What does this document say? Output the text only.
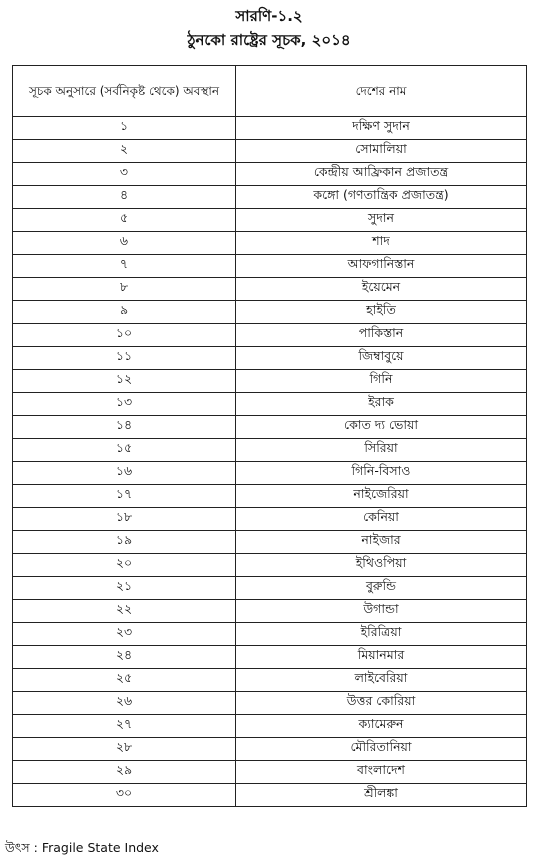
সারণি-১.২
ঠুনকো রাষ্ট্রের সূচক, ২০১৪
সূচক অনুসারে (সর্বনিকৃষ্ট থেকে) অবস্থান	দেশের নাম
১	দক্ষিণ সুদান
২	সোমালিয়া
৩	কেন্দ্রীয় আফ্রিকান প্রজাতন্ত্র
৪	কঙ্গো (গণতান্ত্রিক প্রজাতন্ত্র)
৫	সুদান
৬	শাদ
৭	আফগানিস্তান
৮	ইয়েমেন
৯	হাইতি
১০	পাকিস্তান
১১	জিম্বাবুয়ে
১২	গিনি
১৩	ইরাক
১৪	কোত দ্য ভোয়া
১৫	সিরিয়া
১৬	গিনি-বিসাও
১৭	নাইজেরিয়া
১৮	কেনিয়া
১৯	নাইজার
২০	ইথিওপিয়া
২১	বুরুন্ডি
২২	উগান্ডা
২৩	ইরিত্রিয়া
২৪	মিয়ানমার
২৫	লাইবেরিয়া
২৬	উত্তর কোরিয়া
২৭	ক্যামেরুন
২৮	মৌরিতানিয়া
২৯	বাংলাদেশ
৩০	শ্রীলঙ্কা
উৎস : Fragile State Index
